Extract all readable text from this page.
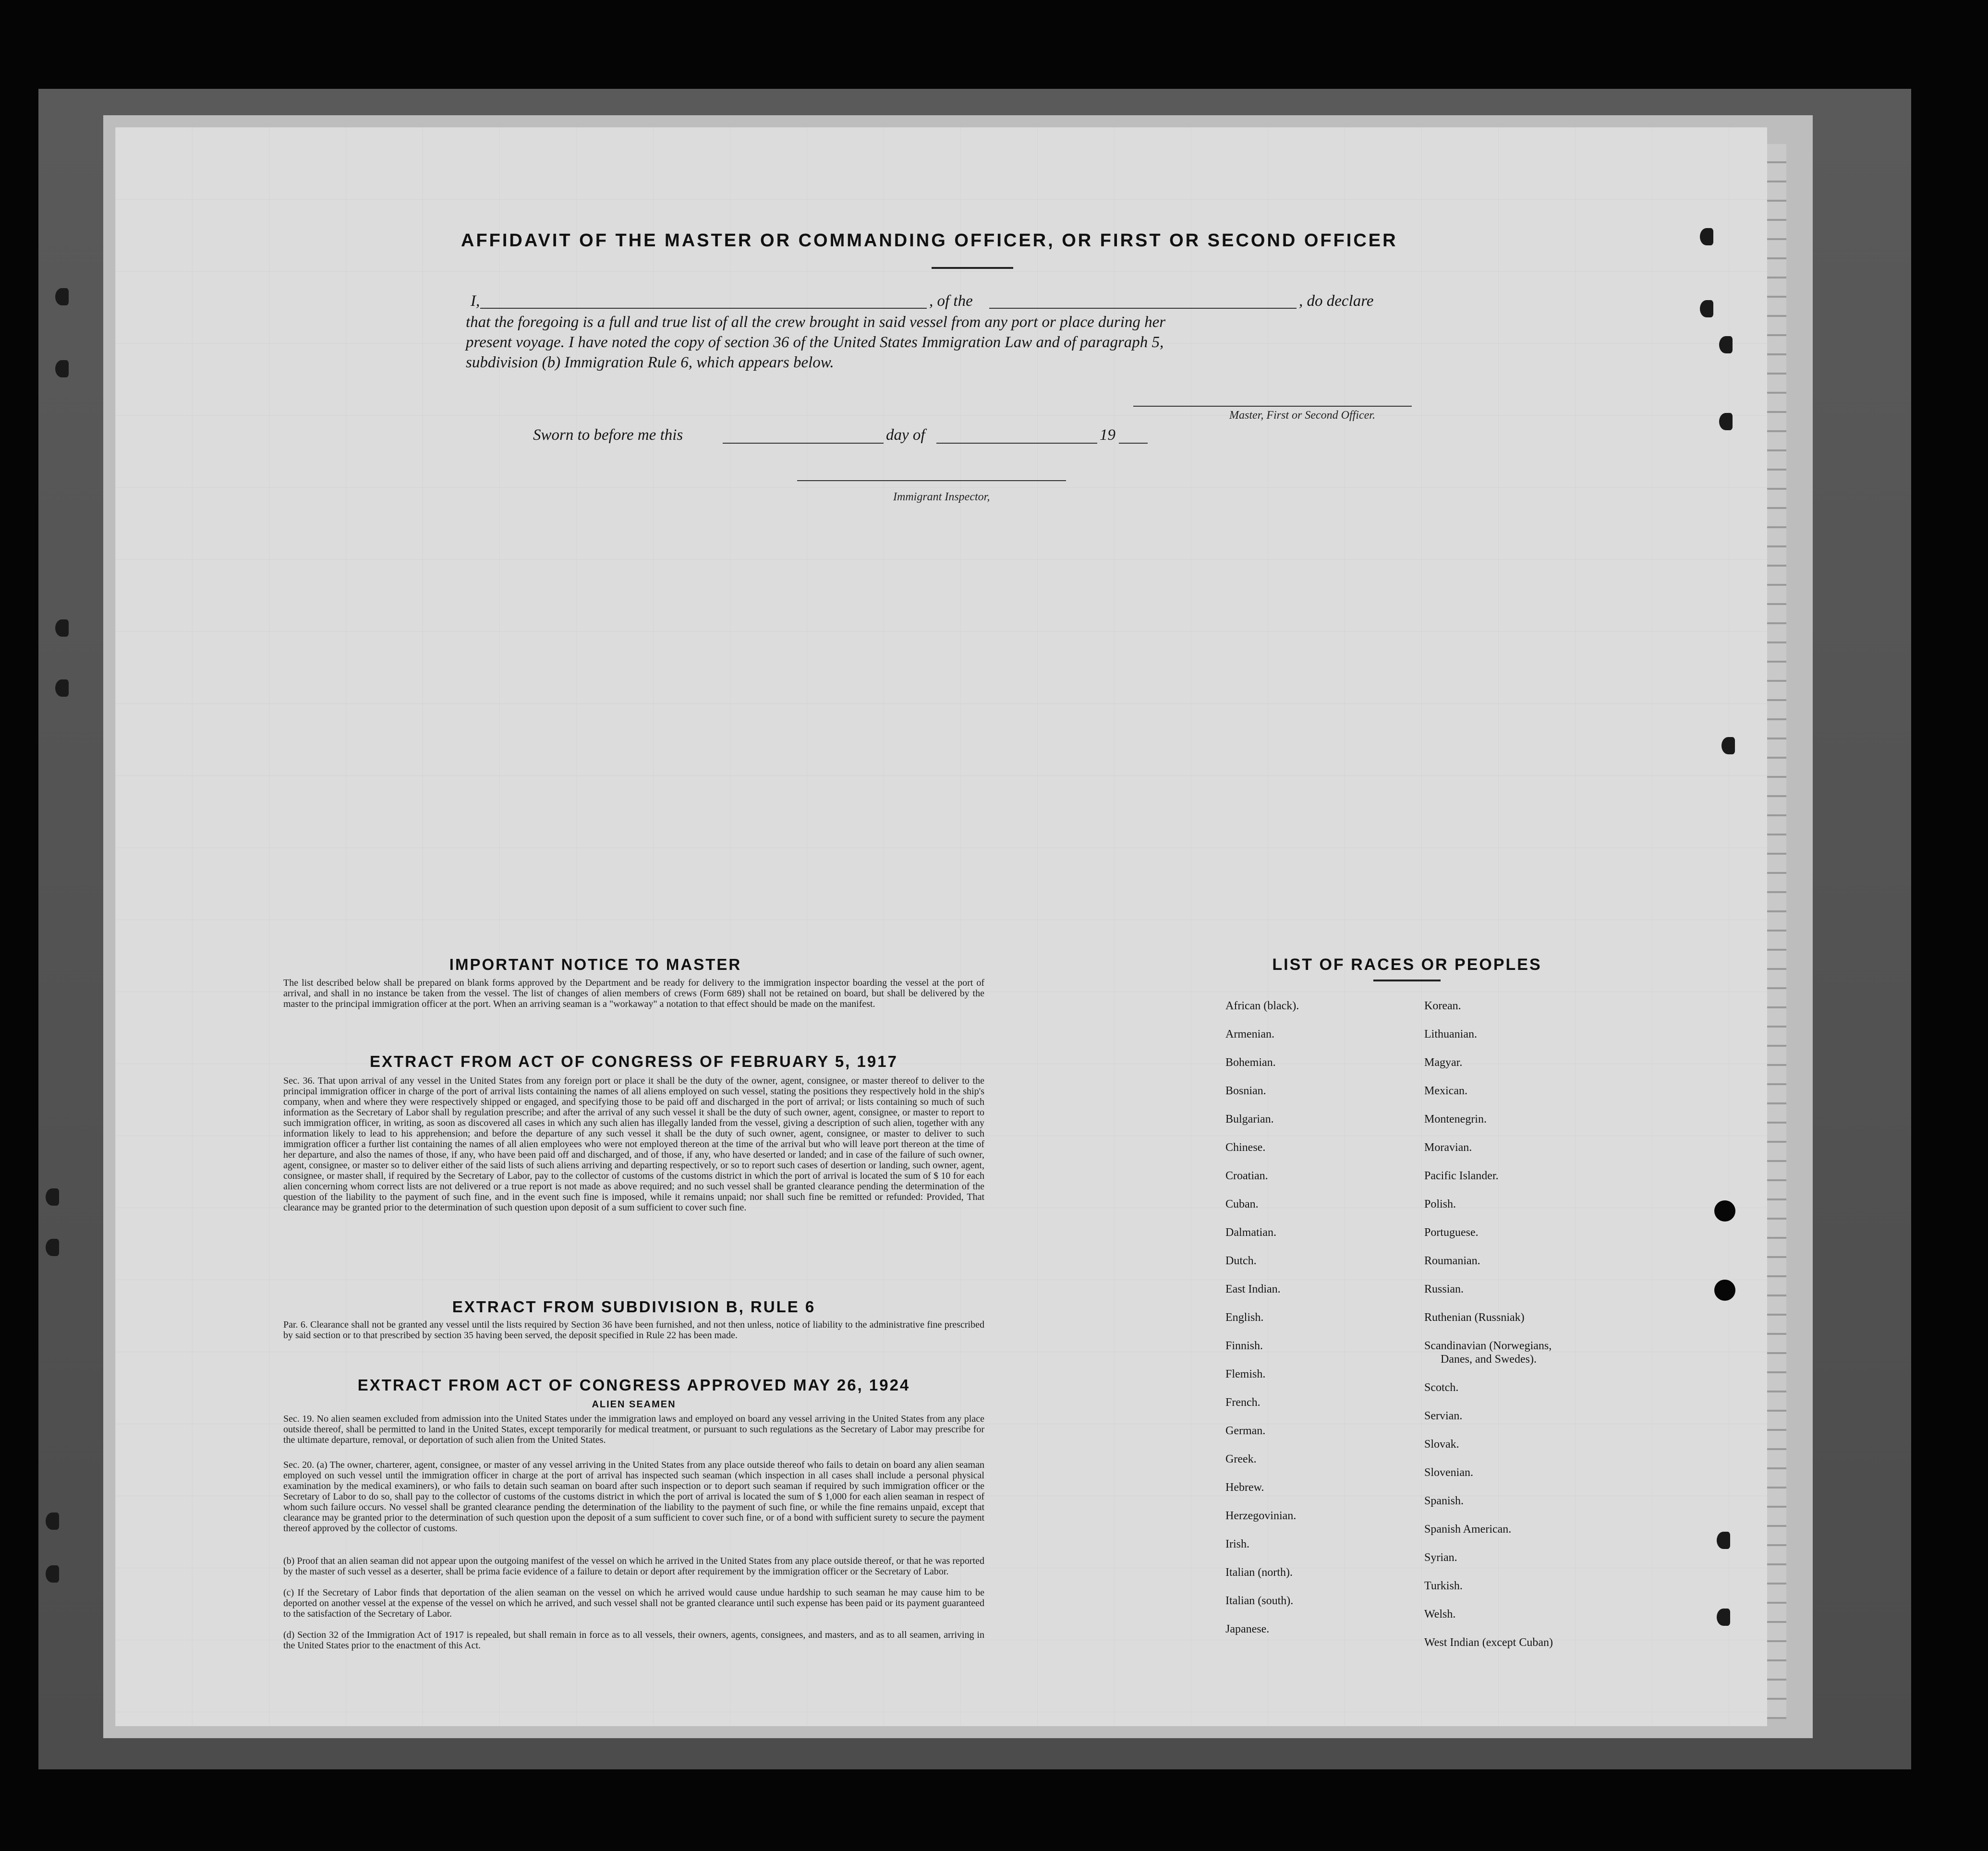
AFFIDAVIT OF THE MASTER OR COMMANDING OFFICER, OR FIRST OR SECOND OFFICER
I,	, of the	, do declare
that the foregoing is a full and true list of all the crew brought in said vessel from any port or place during her
present voyage. I have noted the copy of section 36 of the United States Immigration Law and of paragraph 5,
subdivision (b) Immigration Rule 6, which appears below.
Master, First or Second Officer.
Sworn to before me this	day of	19
Immigrant Inspector,
IMPORTANT NOTICE TO MASTER
The list described below shall be prepared on blank forms approved by the Department and be ready for delivery to the immigration inspector boarding the vessel at the port of arrival, and shall in no instance be taken from the vessel. The list of changes of alien members of crews (Form 689) shall not be retained on board, but shall be delivered by the master to the principal immigration officer at the port. When an arriving seaman is a "workaway" a notation to that effect should be made on the manifest.
EXTRACT FROM ACT OF CONGRESS OF FEBRUARY 5, 1917
Sec. 36. That upon arrival of any vessel in the United States from any foreign port or place it shall be the duty of the owner, agent, consignee, or master thereof to deliver to the principal immigration officer in charge of the port of arrival lists containing the names of all aliens employed on such vessel, stating the positions they respectively hold in the ship's company, when and where they were respectively shipped or engaged, and specifying those to be paid off and discharged in the port of arrival; or lists containing so much of such information as the Secretary of Labor shall by regulation prescribe; and after the arrival of any such vessel it shall be the duty of such owner, agent, consignee, or master to report to such immigration officer, in writing, as soon as discovered all cases in which any such alien has illegally landed from the vessel, giving a description of such alien, together with any information likely to lead to his apprehension; and before the departure of any such vessel it shall be the duty of such owner, agent, consignee, or master to deliver to such immigration officer a further list containing the names of all alien employees who were not employed thereon at the time of the arrival but who will leave port thereon at the time of her departure, and also the names of those, if any, who have been paid off and discharged, and of those, if any, who have deserted or landed; and in case of the failure of such owner, agent, consignee, or master so to deliver either of the said lists of such aliens arriving and departing respectively, or so to report such cases of desertion or landing, such owner, agent, consignee, or master shall, if required by the Secretary of Labor, pay to the collector of customs of the customs district in which the port of arrival is located the sum of $ 10 for each alien concerning whom correct lists are not delivered or a true report is not made as above required; and no such vessel shall be granted clearance pending the determination of the question of the liability to the payment of such fine, and in the event such fine is imposed, while it remains unpaid; nor shall such fine be remitted or refunded: Provided, That clearance may be granted prior to the determination of such question upon deposit of a sum sufficient to cover such fine.
EXTRACT FROM SUBDIVISION B, RULE 6
Par. 6. Clearance shall not be granted any vessel until the lists required by Section 36 have been furnished, and not then unless, notice of liability to the administrative fine prescribed by said section or to that prescribed by section 35 having been served, the deposit specified in Rule 22 has been made.
EXTRACT FROM ACT OF CONGRESS APPROVED MAY 26, 1924
ALIEN SEAMEN
Sec. 19. No alien seamen excluded from admission into the United States under the immigration laws and employed on board any vessel arriving in the United States from any place outside thereof, shall be permitted to land in the United States, except temporarily for medical treatment, or pursuant to such regulations as the Secretary of Labor may prescribe for the ultimate departure, removal, or deportation of such alien from the United States.
Sec. 20. (a) The owner, charterer, agent, consignee, or master of any vessel arriving in the United States from any place outside thereof who fails to detain on board any alien seaman employed on such vessel until the immigration officer in charge at the port of arrival has inspected such seaman (which inspection in all cases shall include a personal physical examination by the medical examiners), or who fails to detain such seaman on board after such inspection or to deport such seaman if required by such immigration officer or the Secretary of Labor to do so, shall pay to the collector of customs of the customs district in which the port of arrival is located the sum of $ 1,000 for each alien seaman in respect of whom such failure occurs. No vessel shall be granted clearance pending the determination of the liability to the payment of such fine, or while the fine remains unpaid, except that clearance may be granted prior to the determination of such question upon the deposit of a sum sufficient to cover such fine, or of a bond with sufficient surety to secure the payment thereof approved by the collector of customs.
(b) Proof that an alien seaman did not appear upon the outgoing manifest of the vessel on which he arrived in the United States from any place outside thereof, or that he was reported by the master of such vessel as a deserter, shall be prima facie evidence of a failure to detain or deport after requirement by the immigration officer or the Secretary of Labor.
(c) If the Secretary of Labor finds that deportation of the alien seaman on the vessel on which he arrived would cause undue hardship to such seaman he may cause him to be deported on another vessel at the expense of the vessel on which he arrived, and such vessel shall not be granted clearance until such expense has been paid or its payment guaranteed to the satisfaction of the Secretary of Labor.
(d) Section 32 of the Immigration Act of 1917 is repealed, but shall remain in force as to all vessels, their owners, agents, consignees, and masters, and as to all seamen, arriving in the United States prior to the enactment of this Act.
LIST OF RACES OR PEOPLES
African (black).
Armenian.
Bohemian.
Bosnian.
Bulgarian.
Chinese.
Croatian.
Cuban.
Dalmatian.
Dutch.
East Indian.
English.
Finnish.
Flemish.
French.
German.
Greek.
Hebrew.
Herzegovinian.
Irish.
Italian (north).
Italian (south).
Japanese.
Korean.
Lithuanian.
Magyar.
Mexican.
Montenegrin.
Moravian.
Pacific Islander.
Polish.
Portuguese.
Roumanian.
Russian.
Ruthenian (Russniak)
Scandinavian (Norwegians,
Danes, and Swedes).
Scotch.
Servian.
Slovak.
Slovenian.
Spanish.
Spanish American.
Syrian.
Turkish.
Welsh.
West Indian (except Cuban)
